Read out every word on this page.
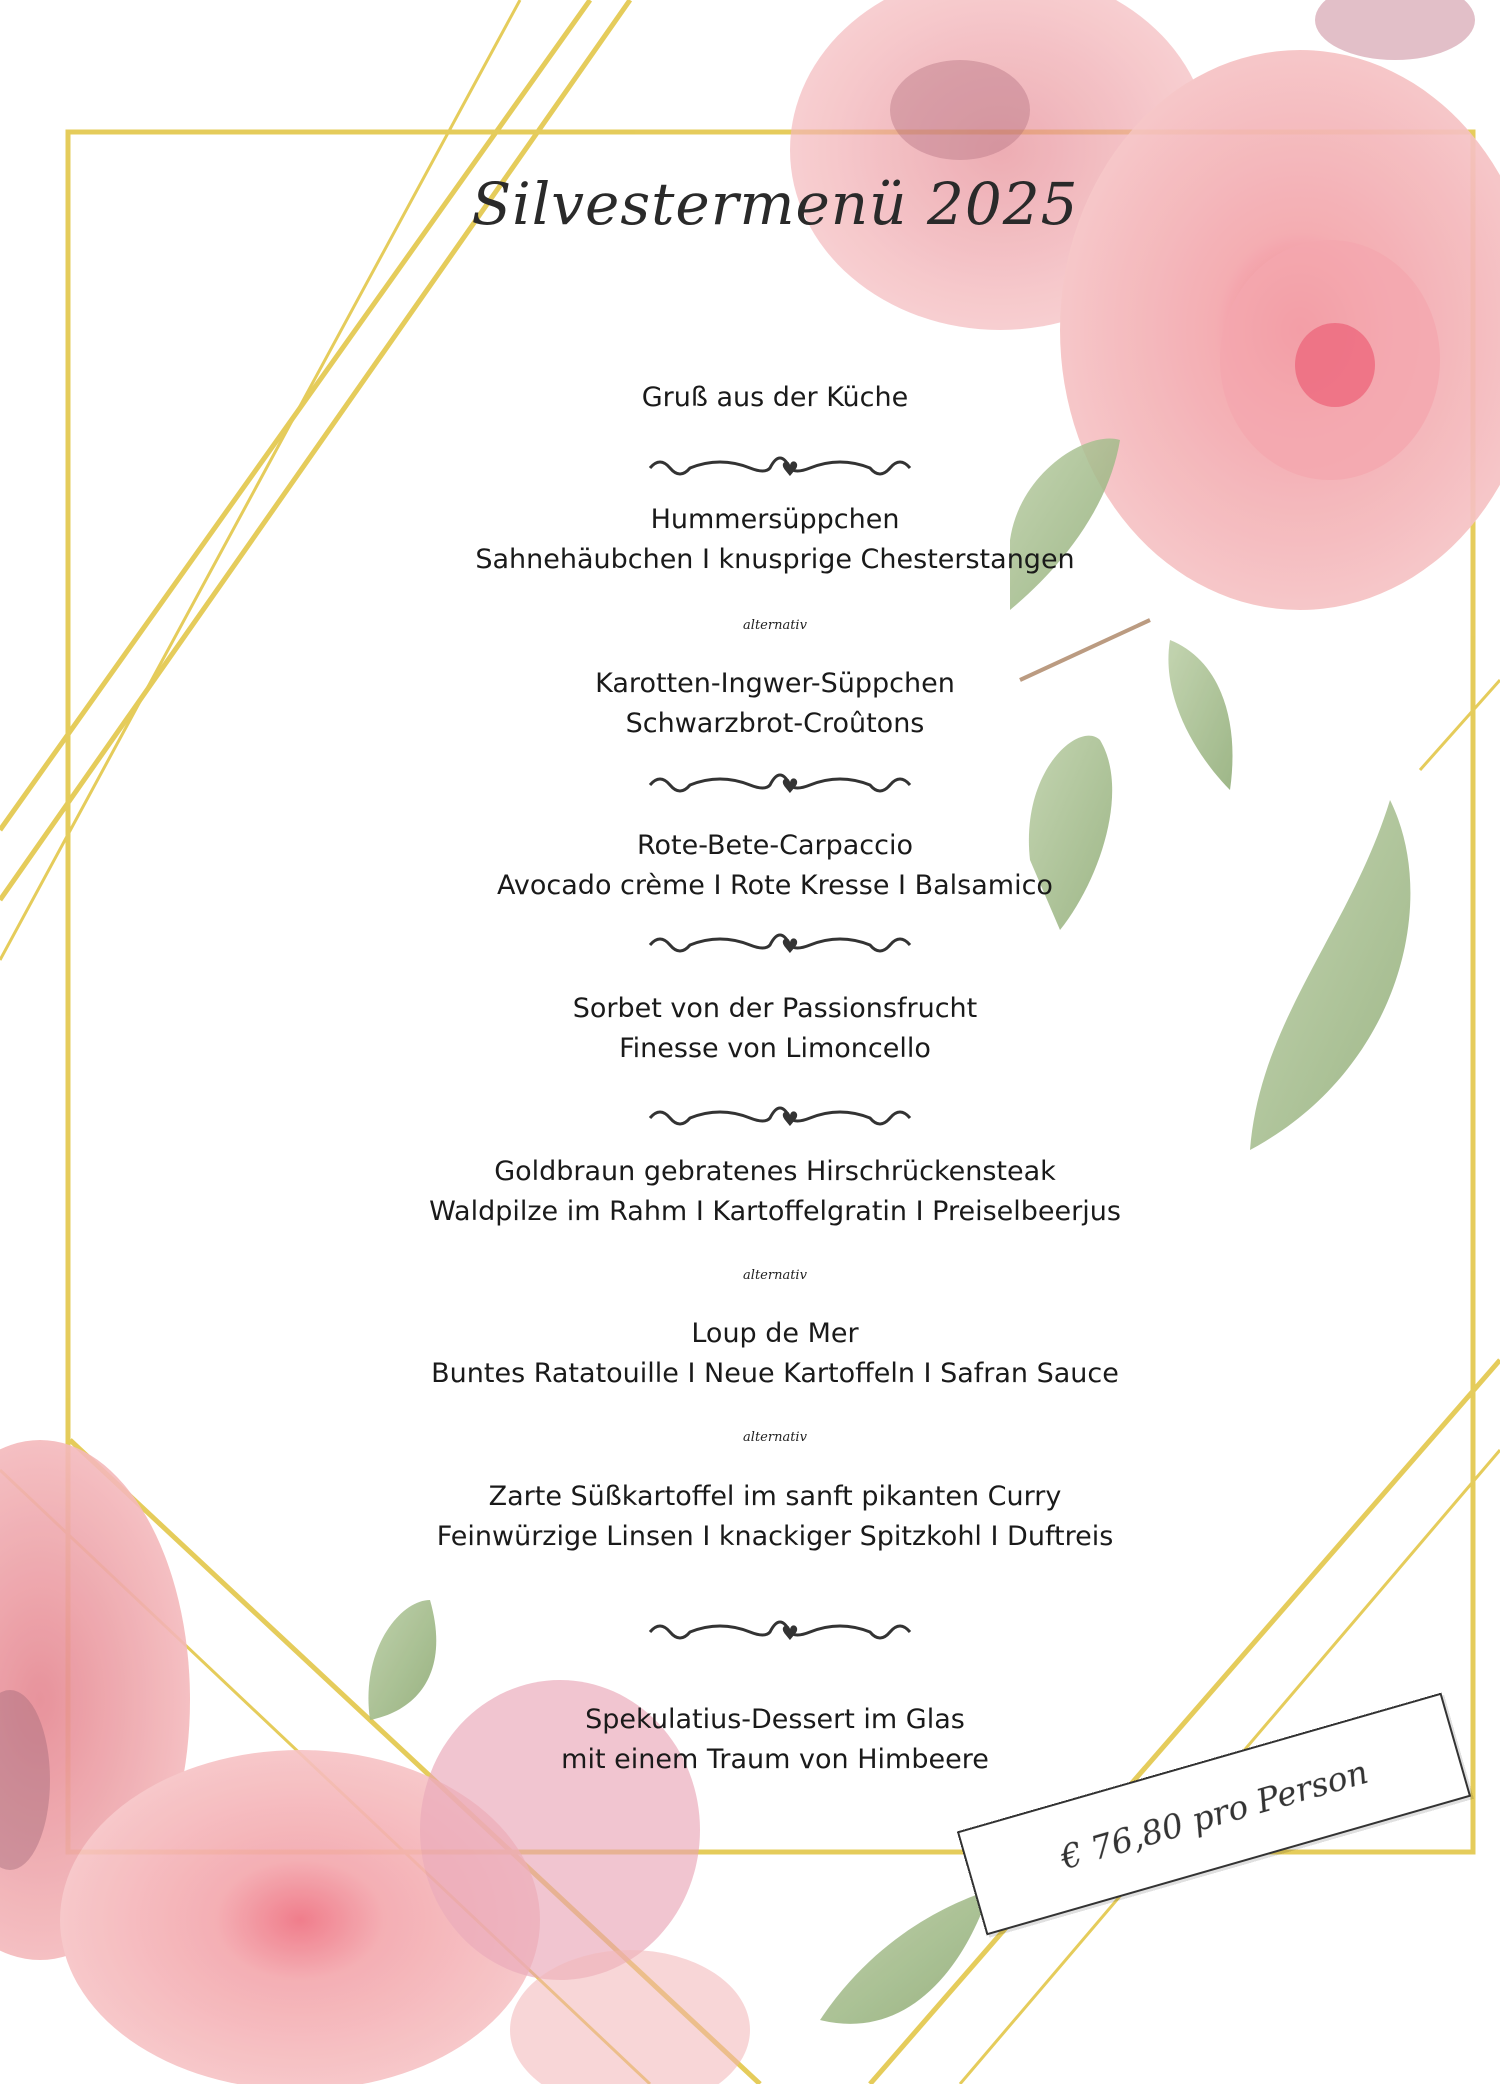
Silvestermenü 2025
Gruß aus der Küche
♥
Hummersüppchen
Sahnehäubchen I knusprige Chesterstangen
alternativ
Karotten-Ingwer-Süppchen
Schwarzbrot-Croûtons
♥
Rote-Bete-Carpaccio
Avocado crème I Rote Kresse I Balsamico
♥
Sorbet von der Passionsfrucht
Finesse von Limoncello
♥
Goldbraun gebratenes Hirschrückensteak
Waldpilze im Rahm I Kartoffelgratin I Preiselbeerjus
alternativ
Loup de Mer
Buntes Ratatouille I Neue Kartoffeln I Safran Sauce
alternativ
Zarte Süßkartoffel im sanft pikanten Curry
Feinwürzige Linsen I knackiger Spitzkohl I Duftreis
♥
Spekulatius-Dessert im Glas
mit einem Traum von Himbeere	€ 76,80 pro Person
